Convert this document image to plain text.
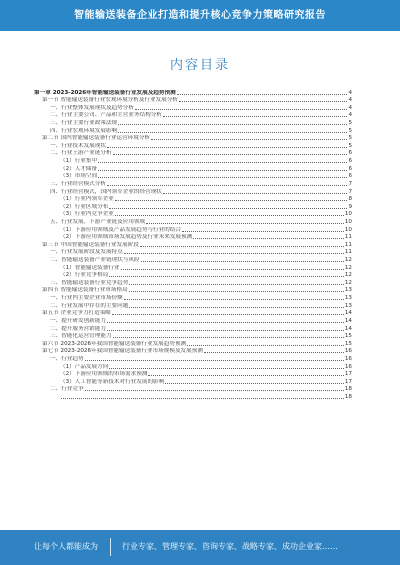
智能输送装备企业打造和提升核心竞争力策略研究报告
内容目录
第一章 2023-2026年智能输送装备行业发展及趋势预测	4
第一节 智能输送装备行业宏观环境分析及行业发展分析	4
一、行业整体发展现状及趋势分析	4
二、行业主要公司、产品和主营业务结构分析	4
三、行业主要行业政策法规	5
四、行业宏观环境发展影响	5
第二节 国内智能输送装备行业运营环境分析	5
一、行业技术发展现状	5
二、行业上游产业链分析	6
（1）行业集中	6
（2）人才储备	6
（3）市场空间	6
三、行业经营模式分析	7
四、行业经营模式，国内领军企业的经营现状	7
（1）行业内领军企业	8
（2）行业区域分布	9
（3）行业内竞争企业	10
五、行业发展、下游产业链及应用领域	10
（1）下游应用领域及产品发展趋势与行业的结合	10
（2）下游应用领域市场发展趋势及行业未来发展预测	11
第三节 中国智能输送装备行业发展阶段	11
一、行业发展阶段及发展特点	11
二、智能输送装备产业链现状与风险	12
（1）智能输送装备行业	12
（2）行业竞争格局	12
三、智能输送装备行业竞争趋势	12
第四节 智能输送装备行业市场格局	13
一、行业内主要企业市场份额	13
二、行业发展中存在的主要问题	13
第五节 企业竞争力打造策略	14
一、提升研发创新能力	14
二、提升服务营销能力	14
三、智能化运营管理能力	15
第六节 2023-2026年我国智能输送装备行业发展趋势预测	15
第七节 2023-2026年我国智能输送装备行业市场规模及发展预测	16
一、行业趋势	16
（1）产品发展方向	16
（2）下游应用领域的市场需求预测	17
（3）人工智能等新技术对行业发展的影响	17
二、行业竞争	18
18
让每个人都能成为	行业专家、管理专家、咨询专家、战略专家、成功企业家……
